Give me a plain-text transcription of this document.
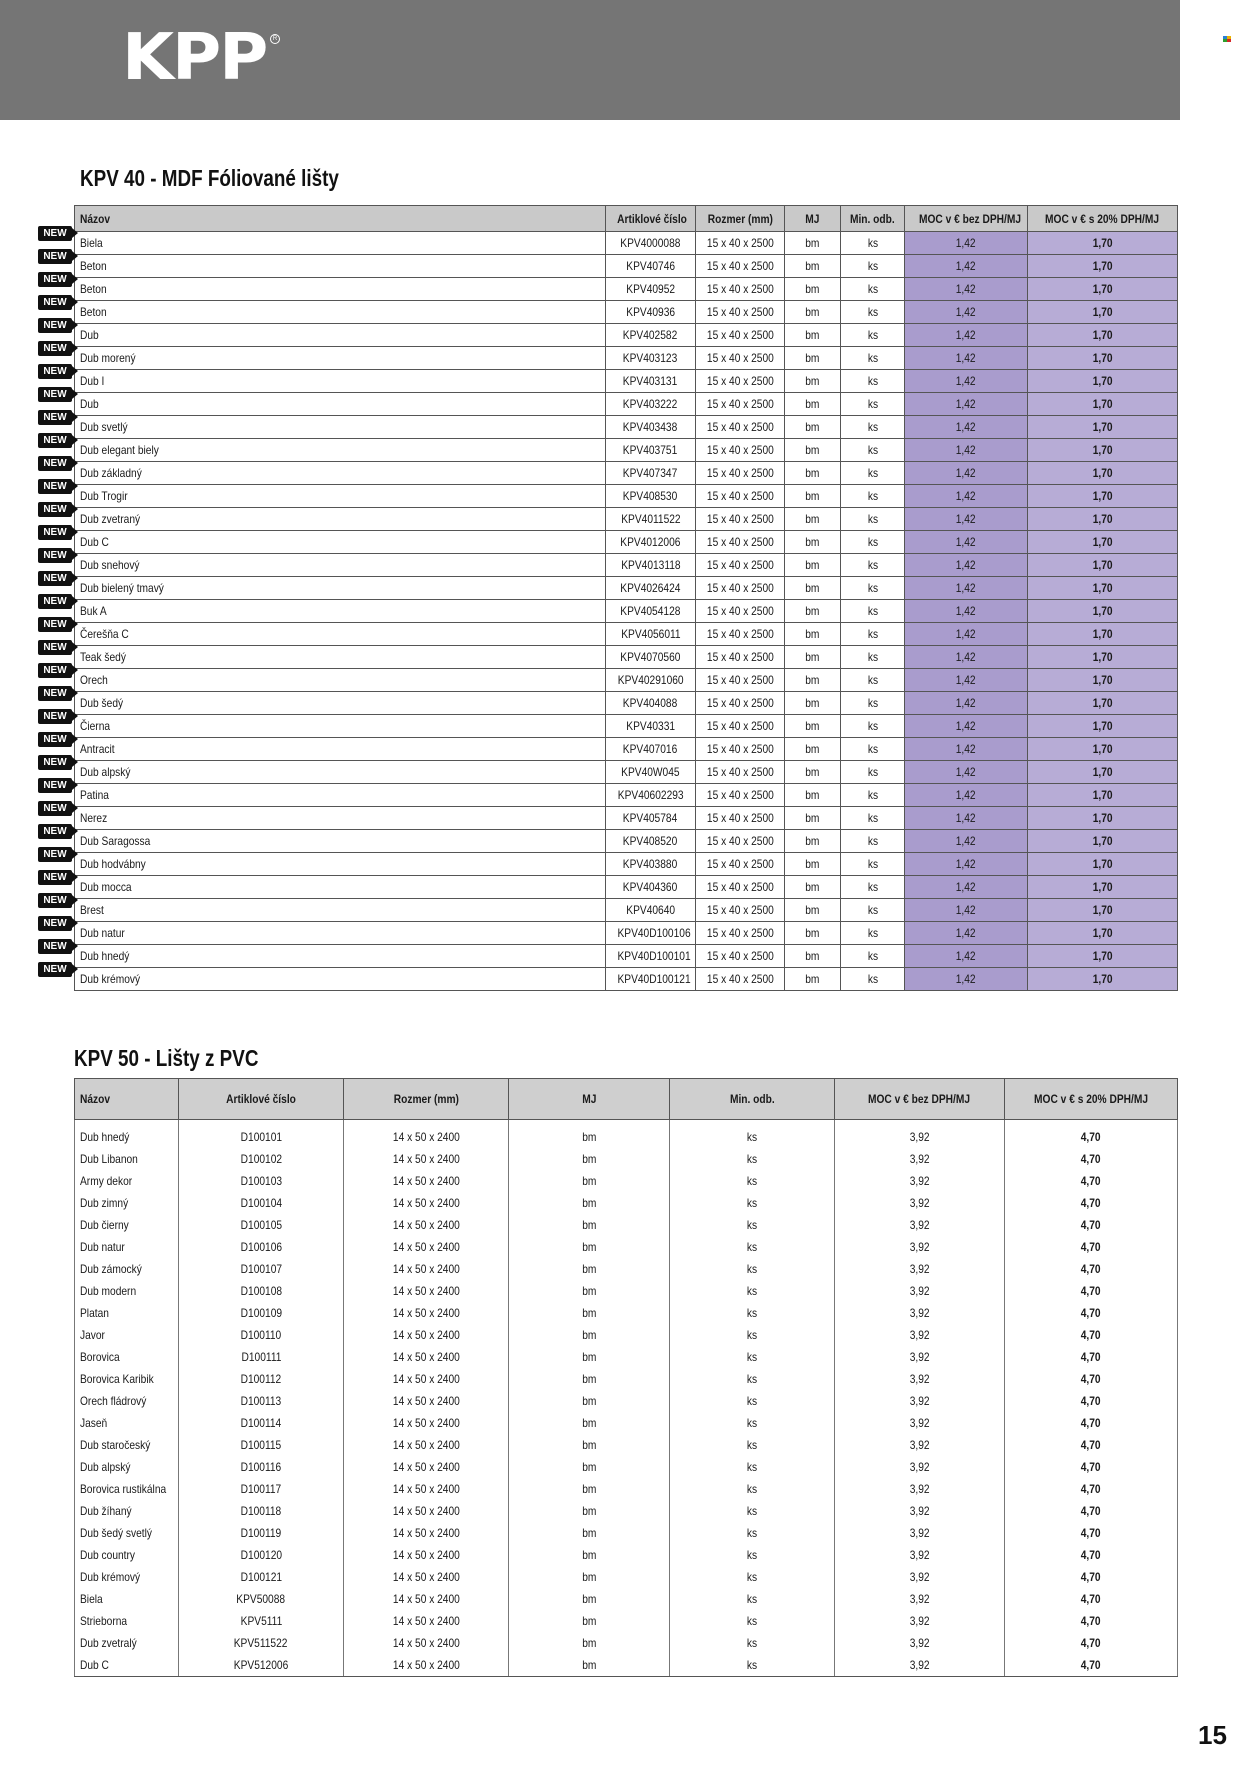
KPP	R
KPV 40 - MDF Fóliované lišty
Názov	Artiklové číslo	Rozmer (mm)	MJ	Min. odb.	MOC v € bez DPH/MJ	MOC v € s 20% DPH/MJ
Biela	KPV4000088	15 x 40 x 2500	bm	ks	1,42	1,70
Beton	KPV40746	15 x 40 x 2500	bm	ks	1,42	1,70
Beton	KPV40952	15 x 40 x 2500	bm	ks	1,42	1,70
Beton	KPV40936	15 x 40 x 2500	bm	ks	1,42	1,70
Dub	KPV402582	15 x 40 x 2500	bm	ks	1,42	1,70
Dub morený	KPV403123	15 x 40 x 2500	bm	ks	1,42	1,70
Dub I	KPV403131	15 x 40 x 2500	bm	ks	1,42	1,70
Dub	KPV403222	15 x 40 x 2500	bm	ks	1,42	1,70
Dub svetlý	KPV403438	15 x 40 x 2500	bm	ks	1,42	1,70
Dub elegant biely	KPV403751	15 x 40 x 2500	bm	ks	1,42	1,70
Dub základný	KPV407347	15 x 40 x 2500	bm	ks	1,42	1,70
Dub Trogir	KPV408530	15 x 40 x 2500	bm	ks	1,42	1,70
Dub zvetraný	KPV4011522	15 x 40 x 2500	bm	ks	1,42	1,70
Dub C	KPV4012006	15 x 40 x 2500	bm	ks	1,42	1,70
Dub snehový	KPV4013118	15 x 40 x 2500	bm	ks	1,42	1,70
Dub bielený tmavý	KPV4026424	15 x 40 x 2500	bm	ks	1,42	1,70
Buk A	KPV4054128	15 x 40 x 2500	bm	ks	1,42	1,70
Čerešňa C	KPV4056011	15 x 40 x 2500	bm	ks	1,42	1,70
Teak šedý	KPV4070560	15 x 40 x 2500	bm	ks	1,42	1,70
Orech	KPV40291060	15 x 40 x 2500	bm	ks	1,42	1,70
Dub šedý	KPV404088	15 x 40 x 2500	bm	ks	1,42	1,70
Čierna	KPV40331	15 x 40 x 2500	bm	ks	1,42	1,70
Antracit	KPV407016	15 x 40 x 2500	bm	ks	1,42	1,70
Dub alpský	KPV40W045	15 x 40 x 2500	bm	ks	1,42	1,70
Patina	KPV40602293	15 x 40 x 2500	bm	ks	1,42	1,70
Nerez	KPV405784	15 x 40 x 2500	bm	ks	1,42	1,70
Dub Saragossa	KPV408520	15 x 40 x 2500	bm	ks	1,42	1,70
Dub hodvábny	KPV403880	15 x 40 x 2500	bm	ks	1,42	1,70
Dub mocca	KPV404360	15 x 40 x 2500	bm	ks	1,42	1,70
Brest	KPV40640	15 x 40 x 2500	bm	ks	1,42	1,70
Dub natur	KPV40D100106	15 x 40 x 2500	bm	ks	1,42	1,70
Dub hnedý	KPV40D100101	15 x 40 x 2500	bm	ks	1,42	1,70
Dub krémový	KPV40D100121	15 x 40 x 2500	bm	ks	1,42	1,70
NEW
NEW
NEW
NEW
NEW
NEW
NEW
NEW
NEW
NEW
NEW
NEW
NEW
NEW
NEW
NEW
NEW
NEW
NEW
NEW
NEW
NEW
NEW
NEW
NEW
NEW
NEW
NEW
NEW
NEW
NEW
NEW
NEW
KPV 50 - Lišty z PVC
Názov	Artiklové číslo	Rozmer (mm)	MJ	Min. odb.	MOC v € bez DPH/MJ	MOC v € s 20% DPH/MJ
Dub hnedý	D100101	14 x 50 x 2400	bm	ks	3,92	4,70
Dub Libanon	D100102	14 x 50 x 2400	bm	ks	3,92	4,70
Army dekor	D100103	14 x 50 x 2400	bm	ks	3,92	4,70
Dub zimný	D100104	14 x 50 x 2400	bm	ks	3,92	4,70
Dub čierny	D100105	14 x 50 x 2400	bm	ks	3,92	4,70
Dub natur	D100106	14 x 50 x 2400	bm	ks	3,92	4,70
Dub zámocký	D100107	14 x 50 x 2400	bm	ks	3,92	4,70
Dub modern	D100108	14 x 50 x 2400	bm	ks	3,92	4,70
Platan	D100109	14 x 50 x 2400	bm	ks	3,92	4,70
Javor	D100110	14 x 50 x 2400	bm	ks	3,92	4,70
Borovica	D100111	14 x 50 x 2400	bm	ks	3,92	4,70
Borovica Karibik	D100112	14 x 50 x 2400	bm	ks	3,92	4,70
Orech fládrový	D100113	14 x 50 x 2400	bm	ks	3,92	4,70
Jaseň	D100114	14 x 50 x 2400	bm	ks	3,92	4,70
Dub staročeský	D100115	14 x 50 x 2400	bm	ks	3,92	4,70
Dub alpský	D100116	14 x 50 x 2400	bm	ks	3,92	4,70
Borovica rustikálna	D100117	14 x 50 x 2400	bm	ks	3,92	4,70
Dub žíhaný	D100118	14 x 50 x 2400	bm	ks	3,92	4,70
Dub šedý svetlý	D100119	14 x 50 x 2400	bm	ks	3,92	4,70
Dub country	D100120	14 x 50 x 2400	bm	ks	3,92	4,70
Dub krémový	D100121	14 x 50 x 2400	bm	ks	3,92	4,70
Biela	KPV50088	14 x 50 x 2400	bm	ks	3,92	4,70
Strieborna	KPV5111	14 x 50 x 2400	bm	ks	3,92	4,70
Dub zvetralý	KPV511522	14 x 50 x 2400	bm	ks	3,92	4,70
Dub C	KPV512006	14 x 50 x 2400	bm	ks	3,92	4,70
15
